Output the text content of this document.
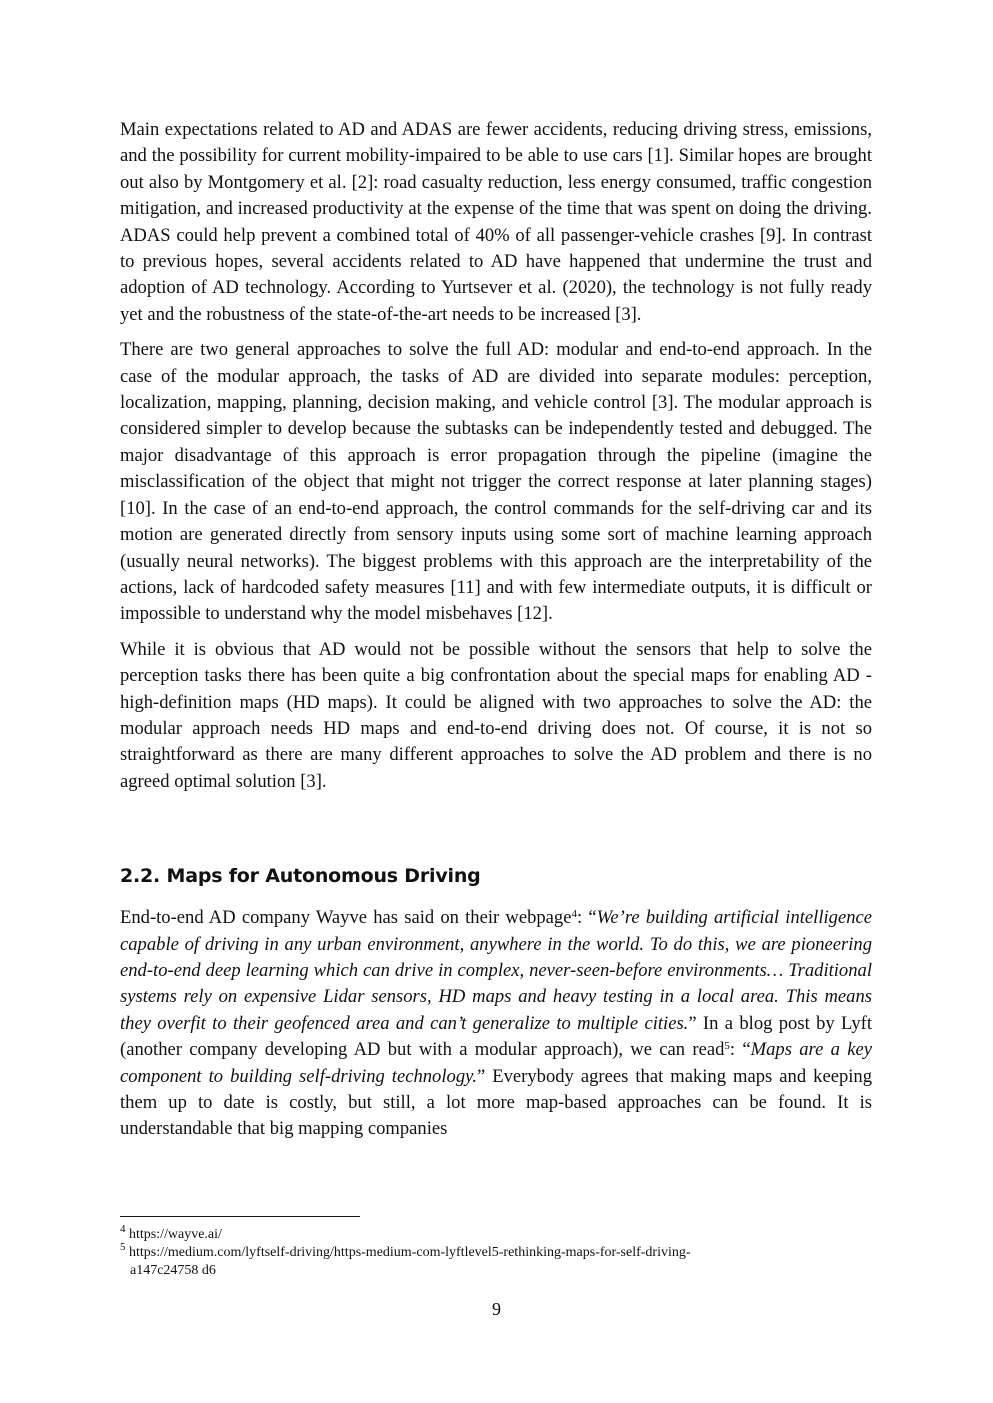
Main expectations related to AD and ADAS are fewer accidents, reducing driving stress, emissions, and the possibility for current mobility-impaired to be able to use cars [1]. Similar hopes are brought out also by Montgomery et al. [2]: road casualty reduction, less energy consumed, traffic congestion mitigation, and increased productivity at the expense of the time that was spent on doing the driving. ADAS could help prevent a combined total of 40% of all passenger-vehicle crashes [9]. In contrast to previous hopes, several accidents related to AD have happened that undermine the trust and adoption of AD technology. According to Yurtsever et al. (2020), the technology is not fully ready yet and the robustness of the state-of-the-art needs to be increased [3].

There are two general approaches to solve the full AD: modular and end-to-end approach. In the case of the modular approach, the tasks of AD are divided into separate modules: perception, localization, mapping, planning, decision making, and vehicle control [3]. The modular approach is considered simpler to develop because the subtasks can be independently tested and debugged. The major disadvantage of this approach is error propagation through the pipeline (imagine the misclassification of the object that might not trigger the correct response at later planning stages) [10]. In the case of an end-to-end approach, the control commands for the self-driving car and its motion are generated directly from sensory inputs using some sort of machine learning approach (usually neural networks). The biggest problems with this approach are the interpretability of the actions, lack of hardcoded safety measures [11] and with few intermediate outputs, it is difficult or impossible to understand why the model misbehaves [12].

While it is obvious that AD would not be possible without the sensors that help to solve the perception tasks there has been quite a big confrontation about the special maps for enabling AD - high-definition maps (HD maps). It could be aligned with two approaches to solve the AD: the modular approach needs HD maps and end-to-end driving does not. Of course, it is not so straightforward as there are many different approaches to solve the AD problem and there is no agreed optimal solution [3].

2.2. Maps for Autonomous Driving

End-to-end AD company Wayve has said on their webpage$^4$: “We’re building artificial intelligence capable of driving in any urban environment, anywhere in the world. To do this, we are pioneering end-to-end deep learning which can drive in complex, never-seen-before environments… Traditional systems rely on expensive Lidar sensors, HD maps and heavy testing in a local area. This means they overfit to their geofenced area and can’t generalize to multiple cities.” In a blog post by Lyft (another company developing AD but with a modular approach), we can read$^5$: “Maps are a key component to building self-driving technology.” Everybody agrees that making maps and keeping them up to date is costly, but still, a lot more map-based approaches can be found. It is understandable that big mapping companies

$^4$ https://wayve.ai/

$^5$ https://medium.com/lyftself-driving/https-medium-com-lyftlevel5-rethinking-maps-for-self-driving-
a147c24758 d6

9
